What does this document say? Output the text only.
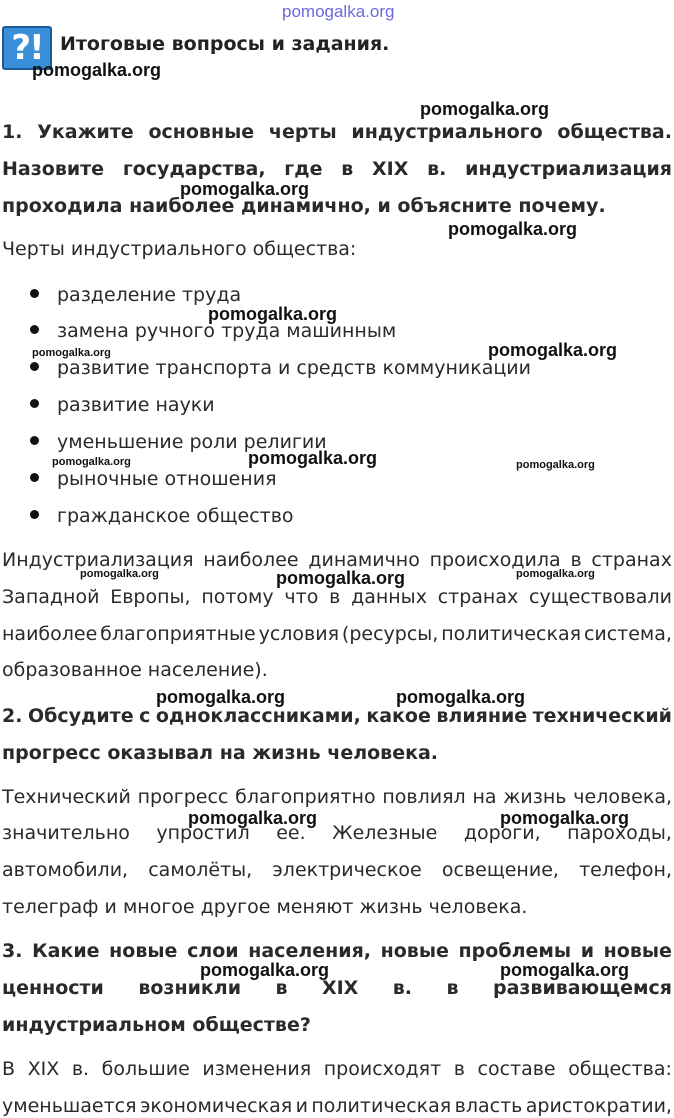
pomogalka.org
?! Итоговые вопросы и задания.
pomogalka.org
pomogalka.org
pomogalka.org
pomogalka.org
pomogalka.org
pomogalka.org
pomogalka.org
pomogalka.org
pomogalka.org	pomogalka.org
pomogalka.org	pomogalka.org	pomogalka.org
pomogalka.org	pomogalka.org
pomogalka.org	pomogalka.org
pomogalka.org	pomogalka.org
1. Укажите основные черты индустриального общества.
Назовите государства, где в XIX в. индустриализация
проходила наиболее динамично, и объясните почему.
Черты индустриального общества:
разделение труда
замена ручного труда машинным
развитие транспорта и средств коммуникации
развитие науки
уменьшение роли религии
рыночные отношения
гражданское общество
Индустриализация наиболее динамично происходила в странах
Западной Европы, потому что в данных странах существовали
наиболее благоприятные условия (ресурсы, политическая система,
образованное население).
2. Обсудите с одноклассниками, какое влияние технический
прогресс оказывал на жизнь человека.
Технический прогресс благоприятно повлиял на жизнь человека,
значительно упростил ее. Железные дороги, пароходы,
автомобили, самолёты, электрическое освещение, телефон,
телеграф и многое другое меняют жизнь человека.
3. Какие новые слои населения, новые проблемы и новые
ценности возникли в XIX в. в развивающемся
индустриальном обществе?
В XIX в. большие изменения происходят в составе общества:
уменьшается экономическая и политическая власть аристократии,
